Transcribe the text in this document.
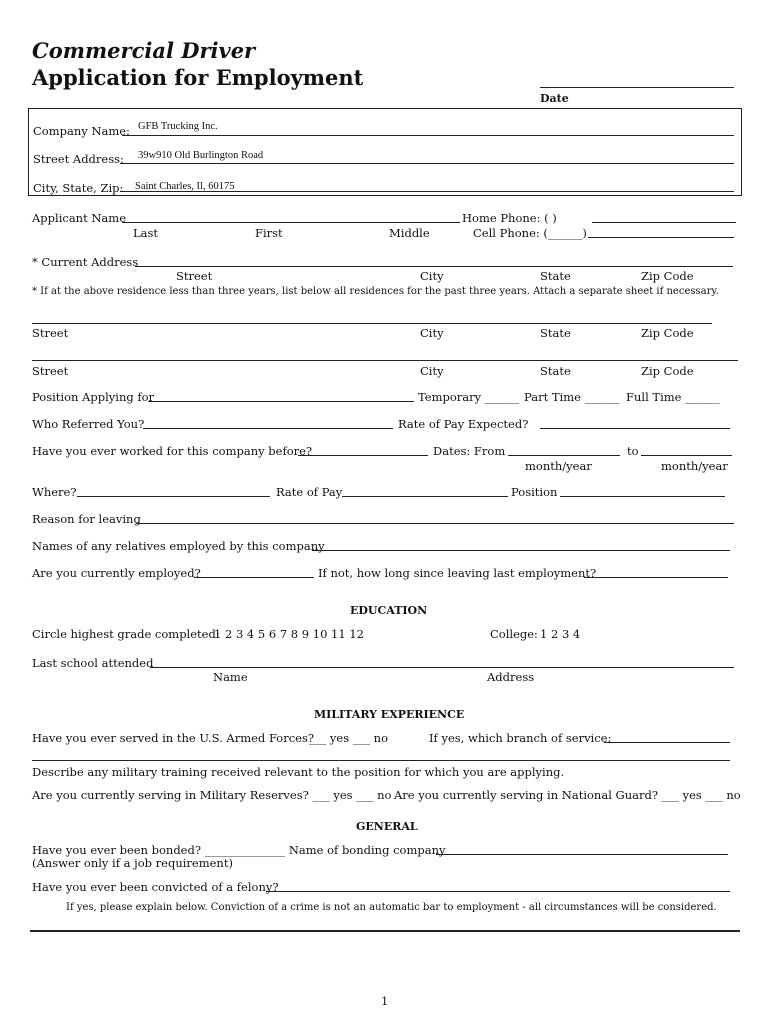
Commercial Driver
Application for Employment
Date
Company Name: GFB Trucking Inc.
Street Address: 39w910 Old Burlington Road
City, State, Zip: Saint Charles, Il, 60175
Applicant Name	Home Phone: ( )
Last	First	Middle	Cell Phone: (______)
* Current Address
Street	City	State	Zip Code
* If at the above residence less than three years, list below all residences for the past three years. Attach a separate sheet if necessary.
Street	City	State	Zip Code
Street	City	State	Zip Code
Position Applying for	Temporary ______ Part Time ______ Full Time ______
Who Referred You?	Rate of Pay Expected?
Have you ever worked for this company before?	Dates: From	to
month/year	month/year
Where?	Rate of Pay	Position
Reason for leaving
Names of any relatives employed by this company
Are you currently employed?	If not, how long since leaving last employment?
EDUCATION
Circle highest grade completed:
1 2 3 4 5 6 7 8 9 10 11 12	College: 1 2 3 4
Last school attended
Name	Address
MILITARY EXPERIENCE
Have you ever served in the U.S. Armed Forces?
___ yes ___ no	If yes, which branch of service:
Describe any military training received relevant to the position for which you are applying.
Are you currently serving in Military Reserves? ___ yes ___ no Are you currently serving in National Guard? ___ yes ___ no
GENERAL
Have you ever been bonded? ______________ Name of bonding company
(Answer only if a job requirement)
Have you ever been convicted of a felony?
If yes, please explain below. Conviction of a crime is not an automatic bar to employment - all circumstances will be considered.
1
